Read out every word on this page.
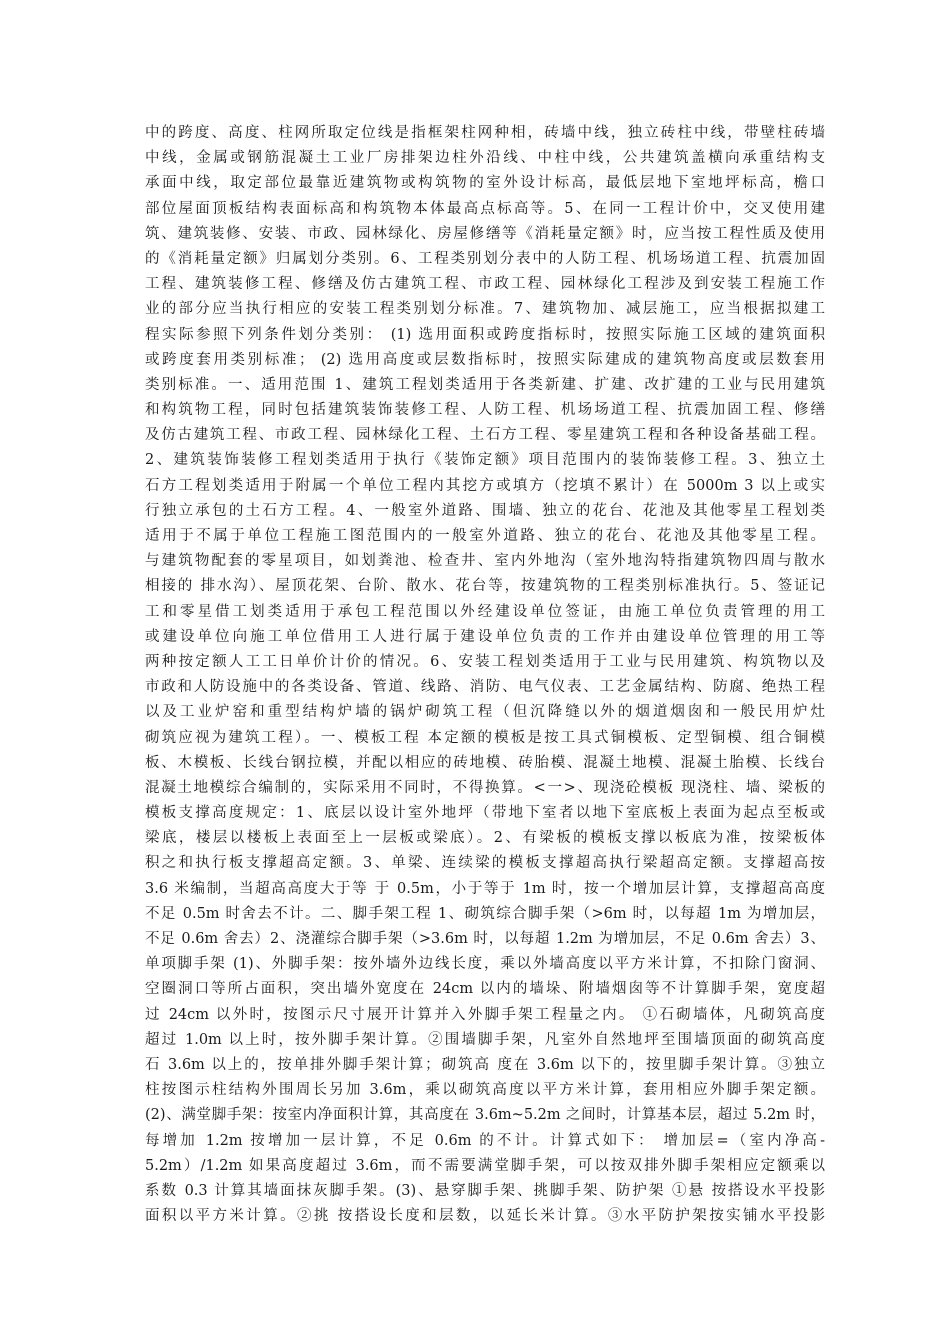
中的跨度、高度、柱网所取定位线是指框架柱网种相，砖墙中线，独立砖柱中线，带壁柱砖墙
中线，金属或钢筋混凝土工业厂房排架边柱外沿线、中柱中线，公共建筑盖横向承重结构支
承面中线，取定部位最靠近建筑物或构筑物的室外设计标高，最低层地下室地坪标高，檐口
部位屋面顶板结构表面标高和构筑物本体最高点标高等。5、在同一工程计价中，交叉使用建
筑、建筑装修、安装、市政、园林绿化、房屋修缮等《消耗量定额》时，应当按工程性质及使用
的《消耗量定额》归属划分类别。6、工程类别划分表中的人防工程、机场场道工程、抗震加固
工程、建筑装修工程、修缮及仿古建筑工程、市政工程、园林绿化工程涉及到安装工程施工作
业的部分应当执行相应的安装工程类别划分标准。7、建筑物加、减层施工，应当根据拟建工
程实际参照下列条件划分类别： (1) 选用面积或跨度指标时，按照实际施工区域的建筑面积
或跨度套用类别标准； (2) 选用高度或层数指标时，按照实际建成的建筑物高度或层数套用
类别标准。一、适用范围 1、建筑工程划类适用于各类新建、扩建、改扩建的工业与民用建筑
和构筑物工程，同时包括建筑装饰装修工程、人防工程、机场场道工程、抗震加固工程、修缮
及仿古建筑工程、市政工程、园林绿化工程、土石方工程、零星建筑工程和各种设备基础工程。
2、建筑装饰装修工程划类适用于执行《装饰定额》项目范围内的装饰装修工程。3、独立土
石方工程划类适用于附属一个单位工程内其挖方或填方（挖填不累计）在 5000m 3 以上或实
行独立承包的土石方工程。4、一般室外道路、围墙、独立的花台、花池及其他零星工程划类
适用于不属于单位工程施工图范围内的一般室外道路、独立的花台、花池及其他零星工程。
与建筑物配套的零星项目，如划粪池、检查井、室内外地沟（室外地沟特指建筑物四周与散水
相接的 排水沟）、屋顶花架、台阶、散水、花台等，按建筑物的工程类别标准执行。5、签证记
工和零星借工划类适用于承包工程范围以外经建设单位签证，由施工单位负责管理的用工
或建设单位向施工单位借用工人进行属于建设单位负责的工作并由建设单位管理的用工等
两种按定额人工工日单价计价的情况。6、安装工程划类适用于工业与民用建筑、构筑物以及
市政和人防设施中的各类设备、管道、线路、消防、电气仪表、工艺金属结构、防腐、绝热工程
以及工业炉窑和重型结构炉墙的锅炉砌筑工程（但沉降缝以外的烟道烟囱和一般民用炉灶
砌筑应视为建筑工程）。一、模板工程 本定额的模板是按工具式铜模板、定型铜模、组合铜模
板、木模板、长线台钢拉模，并配以相应的砖地模、砖胎模、混凝土地模、混凝土胎模、长线台
混凝土地模综合编制的，实际采用不同时，不得换算。<一>、现浇砼模板 现浇柱、墙、梁板的
模板支撑高度规定：1、底层以设计室外地坪（带地下室者以地下室底板上表面为起点至板或
梁底，楼层以楼板上表面至上一层板或梁底）。2、有梁板的模板支撑以板底为准，按梁板体
积之和执行板支撑超高定额。3、单梁、连续梁的模板支撑超高执行梁超高定额。支撑超高按
3.6 米编制，当超高高度大于等 于 0.5m，小于等于 1m 时，按一个增加层计算，支撑超高高度
不足 0.5m 时舍去不计。二、脚手架工程 1、砌筑综合脚手架（>6m 时，以每超 1m 为增加层，
不足 0.6m 舍去）2、浇灌综合脚手架（>3.6m 时，以每超 1.2m 为增加层，不足 0.6m 舍去）3、
单项脚手架 (1)、外脚手架：按外墙外边线长度，乘以外墙高度以平方米计算，不扣除门窗洞、
空圈洞口等所占面积，突出墙外宽度在 24cm 以内的墙垛、附墙烟囱等不计算脚手架，宽度超
过 24cm 以外时，按图示尺寸展开计算并入外脚手架工程量之内。 ①石砌墙体，凡砌筑高度
超过 1.0m 以上时，按外脚手架计算。②围墙脚手架，凡室外自然地坪至围墙顶面的砌筑高度
石 3.6m 以上的，按单排外脚手架计算；砌筑高 度在 3.6m 以下的，按里脚手架计算。③独立
柱按图示柱结构外围周长另加 3.6m，乘以砌筑高度以平方米计算，套用相应外脚手架定额。
(2)、满堂脚手架：按室内净面积计算，其高度在 3.6m~5.2m 之间时，计算基本层，超过 5.2m 时，
每增加 1.2m 按增加一层计算，不足 0.6m 的不计。计算式如下： 增加层=（室内净高-
5.2m）/1.2m 如果高度超过 3.6m，而不需要满堂脚手架，可以按双排外脚手架相应定额乘以
系数 0.3 计算其墙面抹灰脚手架。(3)、悬穿脚手架、挑脚手架、防护架 ①悬 按搭设水平投影
面积以平方米计算。②挑 按搭设长度和层数，以延长米计算。③水平防护架按实铺水平投影
